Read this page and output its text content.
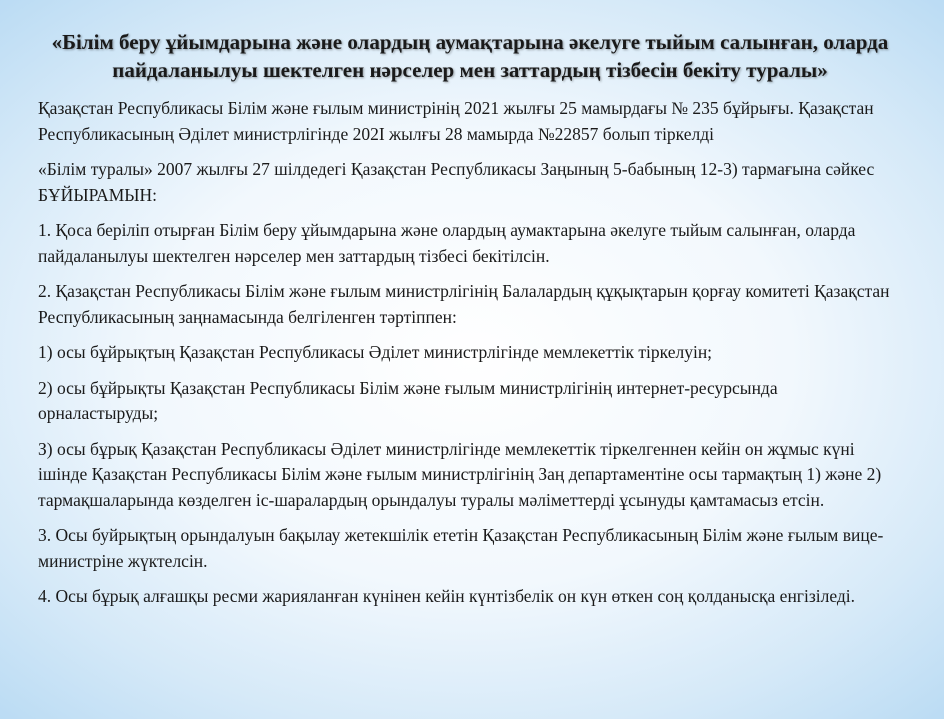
«Білім беру ұйымдарына және олардың аумақтарына әкелуге тыйым салынған, оларда пайдаланылуы шектелген нәрселер мен заттардың тізбесін бекіту туралы»

Қазақстан Республикасы Білім және ғылым министрінің 2021 жылғы 25 мамырдағы № 235 бұйрығы. Қазақстан Республикасының Әділет министрлігінде 202І жылғы 28 мамырда №22857 болып тіркелді

«Білім туралы» 2007 жылғы 27 шілдедегі Қазақстан Республикасы Заңының 5-бабының 12-3) тармағына сәйкес БҰЙЫРАМЫН:

1. Қоса беріліп отырған Білім беру ұйымдарына және олардың аумактарына әкелуге тыйым салынған, оларда пайдаланылуы шектелген нәрселер мен заттардың тізбесі бекітілсін.

2. Қазақстан Республикасы Білім және ғылым министрлігінің Балалардың құқықтарын қорғау комитеті Қазақстан Республикасының заңнамасында белгіленген тәртіппен:

1) осы бұйрықтың Қазақстан Республикасы Әділет министрлігінде мемлекеттік тіркелуін;

2) осы бұйрықты Қазақстан Республикасы Білім және ғылым министрлігінің интернет-ресурсында орналастыруды;

З) осы бұрық Қазақстан Республикасы Әділет министрлігінде мемлекеттік тіркелгеннен кейін он жұмыс күні ішінде Қазақстан Республикасы Білім және ғылым министрлігінің Заң департаментіне осы тармақтың 1) және 2) тармақшаларында көзделген іс-шаралардың орындалуы туралы мәліметтерді ұсынуды қамтамасыз етсін.

3. Осы буйрықтың орындалуын бақылау жетекшілік ететін Қазақстан Республикасының Білім және ғылым вице-министріне жүктелсін.

4. Осы бұрық алғашқы ресми жарияланған күнінен кейін күнтізбелік он күн өткен соң қолданысқа енгізіледі.
